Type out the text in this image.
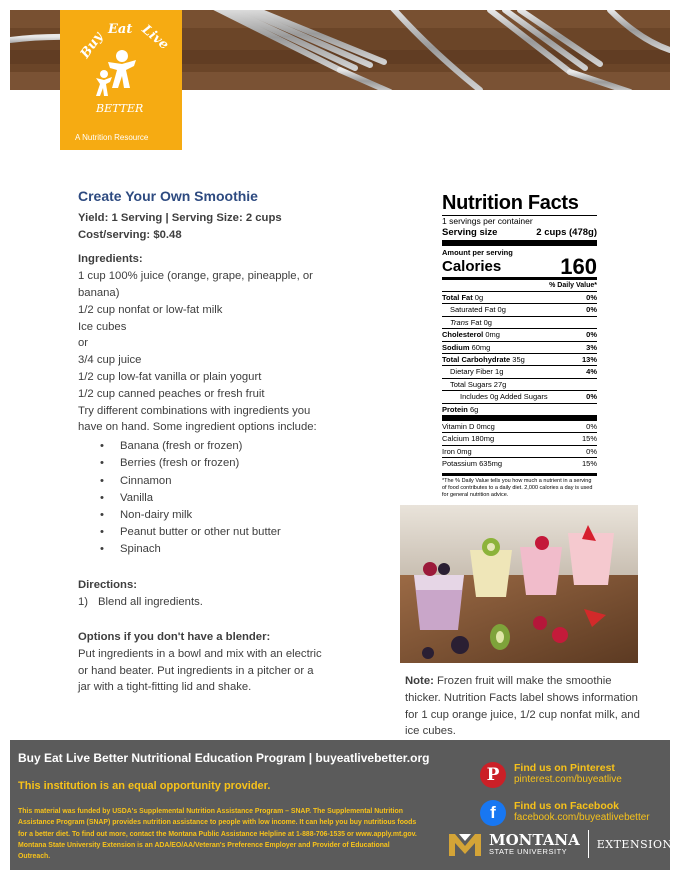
Buy
Eat Live
BETTER
A Nutrition Resource
Create Your Own Smoothie
Yield: 1 Serving | Serving Size: 2 cups
Cost/serving: $0.48
Ingredients:
1 cup 100% juice (orange, grape, pineapple, or banana)
1/2 cup nonfat or low-fat milk
Ice cubes
or
3/4 cup juice
1/2 cup low-fat vanilla or plain yogurt
1/2 cup canned peaches or fresh fruit
Try different combinations with ingredients you have on hand. Some ingredient options include:
• Banana (fresh or frozen)
• Berries (fresh or frozen)
• Cinnamon
• Vanilla
• Non-dairy milk
• Peanut butter or other nut butter
• Spinach
Directions:
1) Blend all ingredients.
Options if you don't have a blender:
Put ingredients in a bowl and mix with an electric or hand beater. Put ingredients in a pitcher or a jar with a tight-fitting lid and shake.
Nutrition Facts
1 servings per container
Serving size	2 cups (478g)
Amount per serving
Calories	160
% Daily Value*
Total Fat 0g	0%
Saturated Fat 0g	0%
Trans Fat 0g
Cholesterol 0mg	0%
Sodium 60mg	3%
Total Carbohydrate 35g	13%
Dietary Fiber 1g	4%
Total Sugars 27g
Includes 0g Added Sugars	0%
Protein 6g
Vitamin D 0mcg	0%
Calcium 180mg	15%
Iron 0mg	0%
Potassium 635mg	15%
*The % Daily Value tells you how much a nutrient in a serving of food contributes to a daily diet. 2,000 calories a day is used for general nutrition advice.
Note: Frozen fruit will make the smoothie thicker. Nutrition Facts label shows information for 1 cup orange juice, 1/2 cup nonfat milk, and ice cubes.
Buy Eat Live Better Nutritional Education Program | buyeatlivebetter.org
This institution is an equal opportunity provider.
This material was funded by USDA's Supplemental Nutrition Assistance Program – SNAP. The Supplemental Nutrition Assistance Program (SNAP) provides nutrition assistance to people with low income. It can help you buy nutritious foods for a better diet. To find out more, contact the Montana Public Assistance Helpline at 1-888-706-1535 or www.apply.mt.gov. Montana State University Extension is an ADA/EO/AA/Veteran's Preference Employer and Provider of Educational Outreach.
P	Find us on Pinterest
pinterest.com/buyeatlive
f	Find us on Facebook
facebook.com/buyeatlivebetter
MONTANA
STATE UNIVERSITY
EXTENSION
